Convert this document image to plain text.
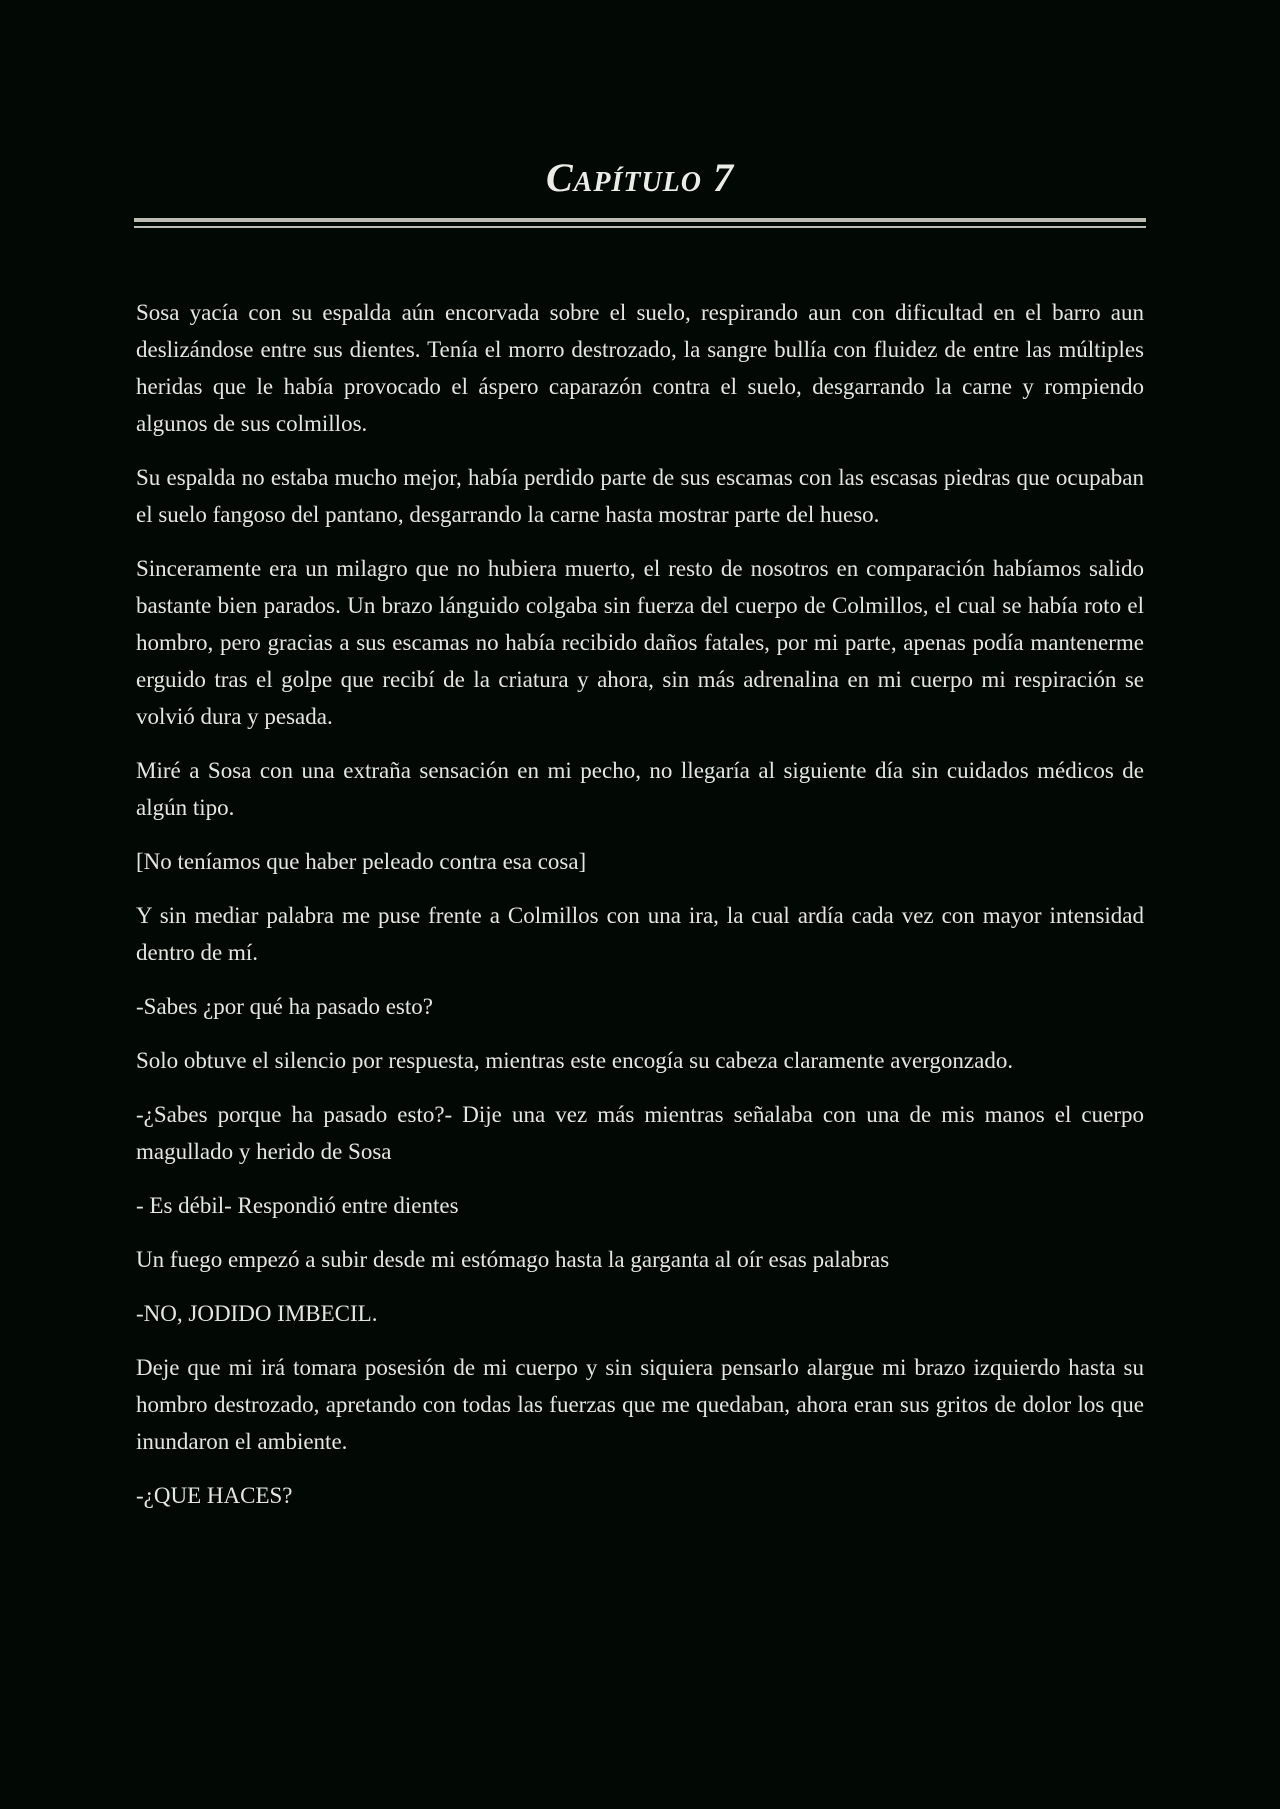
Capítulo 7

Sosa yacía con su espalda aún encorvada sobre el suelo, respirando aun con dificultad en el barro aun deslizándose entre sus dientes. Tenía el morro destrozado, la sangre bullía con fluidez de entre las múltiples heridas que le había provocado el áspero caparazón contra el suelo, desgarrando la carne y rompiendo algunos de sus colmillos.

Su espalda no estaba mucho mejor, había perdido parte de sus escamas con las escasas piedras que ocupaban el suelo fangoso del pantano, desgarrando la carne hasta mostrar parte del hueso.

Sinceramente era un milagro que no hubiera muerto, el resto de nosotros en comparación habíamos salido bastante bien parados. Un brazo lánguido colgaba sin fuerza del cuerpo de Colmillos, el cual se había roto el hombro, pero gracias a sus escamas no había recibido daños fatales, por mi parte, apenas podía mantenerme erguido tras el golpe que recibí de la criatura y ahora, sin más adrenalina en mi cuerpo mi respiración se volvió dura y pesada.

Miré a Sosa con una extraña sensación en mi pecho, no llegaría al siguiente día sin cuidados médicos de algún tipo.

[No teníamos que haber peleado contra esa cosa]

Y sin mediar palabra me puse frente a Colmillos con una ira, la cual ardía cada vez con mayor intensidad dentro de mí.

-Sabes ¿por qué ha pasado esto?

Solo obtuve el silencio por respuesta, mientras este encogía su cabeza claramente avergonzado.

-¿Sabes porque ha pasado esto?- Dije una vez más mientras señalaba con una de mis manos el cuerpo magullado y herido de Sosa

- Es débil- Respondió entre dientes

Un fuego empezó a subir desde mi estómago hasta la garganta al oír esas palabras

-NO, JODIDO IMBECIL.

Deje que mi irá tomara posesión de mi cuerpo y sin siquiera pensarlo alargue mi brazo izquierdo hasta su hombro destrozado, apretando con todas las fuerzas que me quedaban, ahora eran sus gritos de dolor los que inundaron el ambiente.

-¿QUE HACES?
